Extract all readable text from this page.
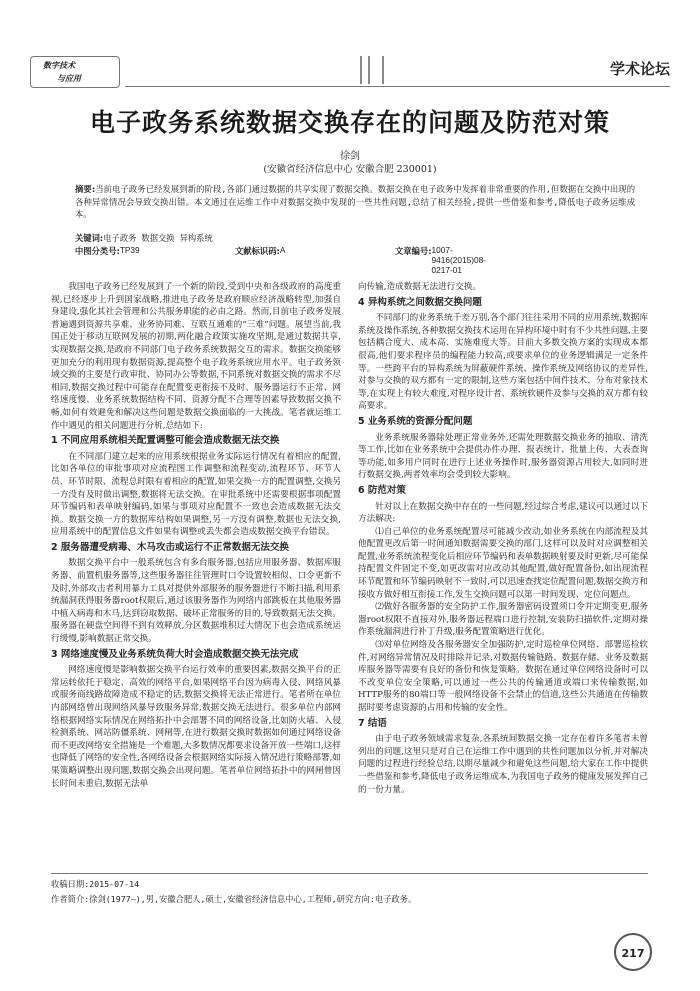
数字技术
与应用
学术论坛
电子政务系统数据交换存在的问题及防范对策
徐剑
(安徽省经济信息中心 安徽合肥 230001)
摘要:当前电子政务已经发展到新的阶段,各部门通过数据的共享实现了数据交换。数据交换在电子政务中发挥着非常重要的作用,但数据在交换中出现的各种异常情况会导致交换出错。本文通过在运维工作中对数据交换中发现的一些共性问题,总结了相关经验,提供一些借鉴和参考,降低电子政务运维成本。
关键词:电子政务 数据交换 异构系统
中图分类号: TP39	文献标识码: A	文章编号: 1007-9416(2015)08-0217-01

我国电子政务已经发展到了一个新的阶段,受到中央和各级政府的高度重视,已经逐步上升到国家战略,推进电子政务是政府顺应经济战略转型,加强自身建设,强化其社会管理和公共服务职能的必由之路。然而,目前电子政务发展普遍遇到资源共享难、业务协同难、互联互通难的“三难”问题。展望当前,我国正处于移动互联网发展的初期,两化融合政策实施攻坚期,是通过数据共享,实现数据交换,是政府不同部门电子政务系统数据交互的需求。数据交换能够更加充分的利用现有数据资源,提高整个电子政务系统应用水平。电子政务领域交换的主要是行政审批、协同办公等数据,不同系统对数据交换的需求不尽相同,数据交换过程中可能存在配置变更衔接不及时、服务器运行不正常、网络速度慢、业务系统数据结构不同、资源分配不合理等因素导致数据交换不畅,如何有效避免和解决这些问题是数据交换面临的一大挑战。笔者就运维工作中遇见的相关问题进行分析,总结如下:

1 不同应用系统相关配置调整可能会造成数据无法交换

在不同部门建立起来的应用系统根据业务实际运行情况有着相应的配置,比如各单位的审批事项对应流程图工作调整和流程变动,流程环节、环节人员、环节时限、流程总时限有着相应的配置,如果交换一方的配置调整,交换另一方没有及时做出调整,数据将无法交换。在审批系统中还需要根据事项配置环节编码和表单映射编码,如果与事项对应配置不一致也会造成数据无法交换。数据交换一方的数据库结构如果调整,另一方没有调整,数据也无法交换,应用系统中的配置信息文件如果有调整或丢失都会造成数据交换平台错误。

2 服务器遭受病毒、木马攻击或运行不正常数据无法交换

数据交换平台中一般系统包含有多台服务器,包括应用服务器、数据库服务器、前置机服务器等,这些服务器往往管理时口令设置较相似、口令更新不及时,外部攻击者利用暴力工具对提供外部服务的服务器进行不断扫描,利用系统漏洞获得服务器root权限后,通过该服务器作为网络内部跳板在其他服务器中植入病毒和木马,达到窃取数据、破坏正常服务的目的,导致数据无法交换。服务器在硬盘空间得不到有效释放,分区数据堆积过大情况下也会造成系统运行缓慢,影响数据正常交换。

3 网络速度慢及业务系统负荷大时会造成数据交换无法完成

网络速度慢是影响数据交换平台运行效率的重要因素,数据交换平台的正常运转依托于稳定、高效的网络平台,如果网络平台因为病毒入侵、网络风暴或服务商线路故障造成不稳定的话,数据交换将无法正常进行。笔者所在单位内部网络曾出现网络风暴导致服务异常,数据交换无法进行。很多单位内部网络根据网络实际情况在网络拓扑中会部署不同的网络设备,比如防火墙、入侵检测系统、网站防僵系统、网闸等,在进行数据交换时数据如何通过网络设备而不更改网络安全措施是一个难题,大多数情况都要求设备开放一些端口,这样也降低了网络的安全性,各网络设备会根据网络实际接入情况进行策略部署,如果策略调整出现问题,数据交换会出现问题。笔者单位网络拓扑中的网闸曾因长时间未重启,数据无法单

向传输,造成数据无法进行交换。

4 异构系统之间数据交换问题

不同部门的业务系统千差万别,各个部门往往采用不同的应用系统,数据库系统及操作系统,各种数据交换技术运用在异构环境中时有不少共性问题,主要包括耦合度大、成本高、实施难度大等。目前大多数交换方案的实现成本都很高,他们要求程序员的编程能力较高,或要求单位的业务逻辑满足一定条件等。一些跨平台的异构系统为屏蔽硬件系统、操作系统及网络协议的差异性,对参与交换的双方都有一定的限制,这些方案包括中间件技术、分布对象技术等,在实现上有较大难度,对程序设计者、系统软硬件及参与交换的双方都有较高要求。

5 业务系统的资源分配问题

业务系统服务器除处理正常业务外,还需处理数据交换业务的抽取、清洗等工作,比如在业务系统中会提供办件办理、报表统计、批量上传、大表查询等功能,如多用户同时在进行上述业务操作时,服务器资源占用较大,如同时进行数据交换,两者效率均会受到较大影响。

6 防范对策

针对以上在数据交换中存在的一些问题,经过综合考虑,建议可以通过以下方法解决:

⑴自己单位的业务系统配置尽可能减少改动,如业务系统在内部流程及其他配置更改后第一时间通知数据需要交换的部门,这样可以及时对应调整相关配置,业务系统流程变化后相应环节编码和表单数据映射要及时更新,尽可能保持配置文件固定不变,如更改需对应改动其他配置,做好配置备份,如出现流程环节配置和环节编码映射不一致时,可以迅速查找定位配置问题,数据交换方和接收方做好相互衔接工作,发生交换问题可以第一时间发现、定位问题点。

⑵做好各服务器的安全防护工作,服务器密码设置须口令并定期变更,服务器root权限不直接对外,服务器远程端口进行控制,安装防扫描软件,定期对操作系统漏洞进行补丁升级,服务配置策略进行优化。

⑶对单位网络及各服务器安全加强防护,定时巡检单位网络、部署巡检软件,对网络异常情况及时排除并记录,对数据传输链路、数据存储、业务及数据库服务器等需要有良好的备份和恢复策略。数据在通过单位网络设备时可以不改变单位安全策略,可以通过一些公共的传输通道或端口来传输数据,如HTTP服务的80端口等一般网络设备不会禁止的信道,这些公共通道在传输数据时要考虑资源的占用和传输的安全性。

7 结语

由于电子政务领域需求复杂,各系统间数据交换一定存在着许多笔者未曾列出的问题,这里只是对自己在运维工作中遇到的共性问题加以分析,并对解决问题的过程进行经验总结,以期尽量减少和避免这些问题,给大家在工作中提供一些借鉴和参考,降低电子政务运维成本,为我国电子政务的健康发展发挥自己的一份力量。

收稿日期:2015-07-14
作者简介:徐剑(1977—),男,安徽合肥人,硕士,安徽省经济信息中心,工程师,研究方向:电子政务。
217
